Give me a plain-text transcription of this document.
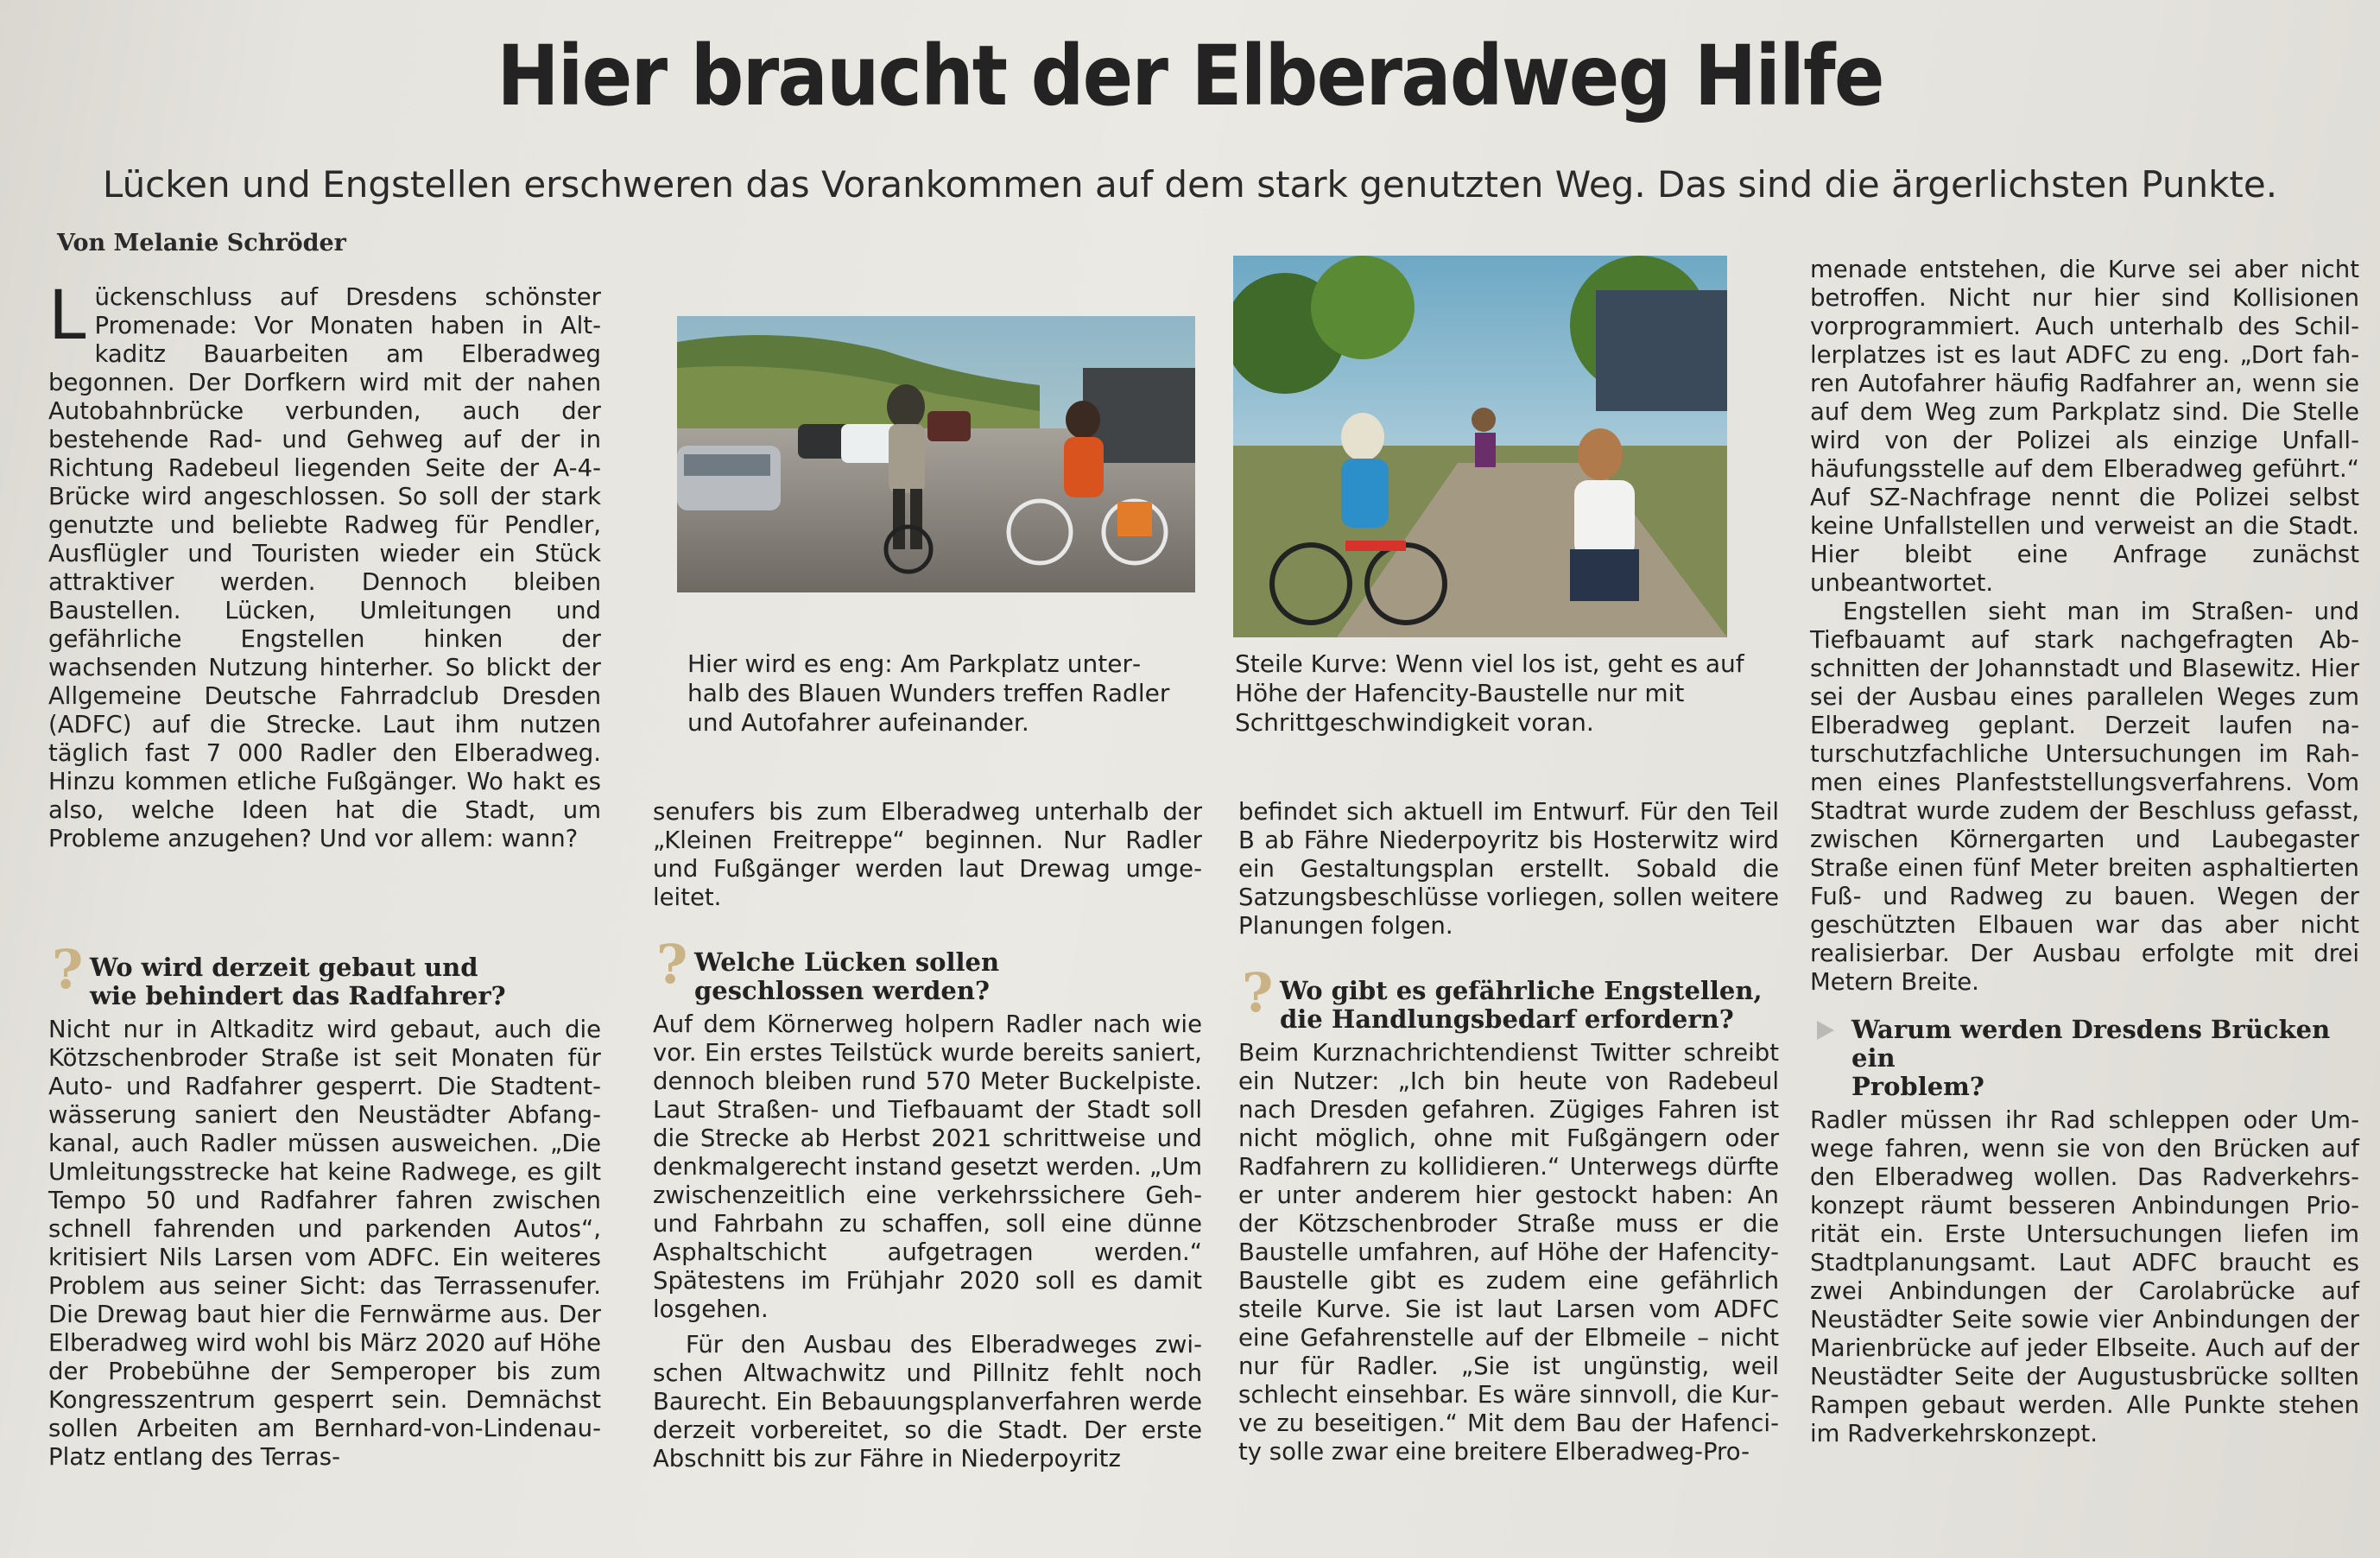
Hier braucht der Elberadweg Hilfe

Lücken und Engstellen erschweren das Vorankommen auf dem stark genutzten Weg. Das sind die ärgerlichsten Punkte.

Von Melanie Schröder

Lückenschluss auf Dresdens schönster Promenade: Vor Monaten haben in Altkaditz Bauarbeiten am Elberadweg begonnen. Der Dorfkern wird mit der nahen Autobahnbrücke verbunden, auch der bestehende Rad- und Gehweg auf der in Richtung Radebeul liegenden Seite der A-4-Brücke wird angeschlossen. So soll der stark genutzte und beliebte Radweg für Pendler, Ausflügler und Touristen wieder ein Stück attraktiver werden. Dennoch bleiben Baustellen. Lücken, Umleitungen und gefährliche Engstellen hinken der wachsenden Nutzung hinterher. So blickt der Allgemeine Deutsche Fahrradclub Dresden (ADFC) auf die Strecke. Laut ihm nutzen täglich fast 7 000 Radler den Elberadweg. Hinzu kommen etliche Fußgänger. Wo hakt es also, welche Ideen hat die Stadt, um Probleme anzugehen? Und vor allem: wann?

? Wo wird derzeit gebaut und
wie behindert das Radfahrer?

Nicht nur in Altkaditz wird gebaut, auch die Kötzschenbroder Straße ist seit Monaten für Auto- und Radfahrer gesperrt. Die Stadtentwässerung saniert den Neustädter Abfangkanal, auch Radler müssen ausweichen. „Die Umleitungsstrecke hat keine Radwege, es gilt Tempo 50 und Radfahrer fahren zwischen schnell fahrenden und parkenden Autos“, kritisiert Nils Larsen vom ADFC. Ein weiteres Problem aus seiner Sicht: das Terrassenufer. Die Drewag baut hier die Fernwärme aus. Der Elberadweg wird wohl bis März 2020 auf Höhe der Probebühne der Semperoper bis zum Kongresszentrum gesperrt sein. Demnächst sollen Arbeiten am Bernhard-von-Lindenau-Platz entlang des Terras-

Hier wird es eng: Am Parkplatz unterhalb des Blauen Wunders treffen Radler und Autofahrer aufeinander.
Steile Kurve: Wenn viel los ist, geht es auf Höhe der Hafencity-Baustelle nur mit Schrittgeschwindigkeit voran.

senufers bis zum Elberadweg unterhalb der „Kleinen Freitreppe“ beginnen. Nur Radler und Fußgänger werden laut Drewag umgeleitet.

? Welche Lücken sollen
geschlossen werden?

Auf dem Körnerweg holpern Radler nach wie vor. Ein erstes Teilstück wurde bereits saniert, dennoch bleiben rund 570 Meter Buckelpiste. Laut Straßen- und Tiefbauamt der Stadt soll die Strecke ab Herbst 2021 schrittweise und denkmalgerecht instand gesetzt werden. „Um zwischenzeitlich eine verkehrssichere Geh- und Fahrbahn zu schaffen, soll eine dünne Asphaltschicht aufgetragen werden.“ Spätestens im Frühjahr 2020 soll es damit losgehen.

Für den Ausbau des Elberadweges zwischen Altwachwitz und Pillnitz fehlt noch Baurecht. Ein Bebauungsplanverfahren werde derzeit vorbereitet, so die Stadt. Der erste Abschnitt bis zur Fähre in Niederpoyritz

befindet sich aktuell im Entwurf. Für den Teil B ab Fähre Niederpoyritz bis Hosterwitz wird ein Gestaltungsplan erstellt. Sobald die Satzungsbeschlüsse vorliegen, sollen weitere Planungen folgen.

? Wo gibt es gefährliche Engstellen,
die Handlungsbedarf erfordern?

Beim Kurznachrichtendienst Twitter schreibt ein Nutzer: „Ich bin heute von Radebeul nach Dresden gefahren. Zügiges Fahren ist nicht möglich, ohne mit Fußgängern oder Radfahrern zu kollidieren.“ Unterwegs dürfte er unter anderem hier gestockt haben: An der Kötzschenbroder Straße muss er die Baustelle umfahren, auf Höhe der Hafencity-Baustelle gibt es zudem eine gefährlich steile Kurve. Sie ist laut Larsen vom ADFC eine Gefahrenstelle auf der Elbmeile – nicht nur für Radler. „Sie ist ungünstig, weil schlecht einsehbar. Es wäre sinnvoll, die Kurve zu beseitigen.“ Mit dem Bau der Hafencity solle zwar eine breitere Elberadweg-Pro-

menade entstehen, die Kurve sei aber nicht betroffen. Nicht nur hier sind Kollisionen vorprogrammiert. Auch unterhalb des Schillerplatzes ist es laut ADFC zu eng. „Dort fahren Autofahrer häufig Radfahrer an, wenn sie auf dem Weg zum Parkplatz sind. Die Stelle wird von der Polizei als einzige Unfallhäufungsstelle auf dem Elberadweg geführt.“ Auf SZ-Nachfrage nennt die Polizei selbst keine Unfallstellen und verweist an die Stadt. Hier bleibt eine Anfrage zunächst unbeantwortet.

Engstellen sieht man im Straßen- und Tiefbauamt auf stark nachgefragten Abschnitten der Johannstadt und Blasewitz. Hier sei der Ausbau eines parallelen Weges zum Elberadweg geplant. Derzeit laufen naturschutzfachliche Untersuchungen im Rahmen eines Planfeststellungsverfahrens. Vom Stadtrat wurde zudem der Beschluss gefasst, zwischen Körnergarten und Laubegaster Straße einen fünf Meter breiten asphaltierten Fuß- und Radweg zu bauen. Wegen der geschützten Elbauen war das aber nicht realisierbar. Der Ausbau erfolgte mit drei Metern Breite.

Warum werden Dresdens Brücken ein
Problem?

Radler müssen ihr Rad schleppen oder Umwege fahren, wenn sie von den Brücken auf den Elberadweg wollen. Das Radverkehrskonzept räumt besseren Anbindungen Priorität ein. Erste Untersuchungen liefen im Stadtplanungsamt. Laut ADFC braucht es zwei Anbindungen der Carolabrücke auf Neustädter Seite sowie vier Anbindungen der Marienbrücke auf jeder Elbseite. Auch auf der Neustädter Seite der Augustusbrücke sollten Rampen gebaut werden. Alle Punkte stehen im Radverkehrskonzept.
